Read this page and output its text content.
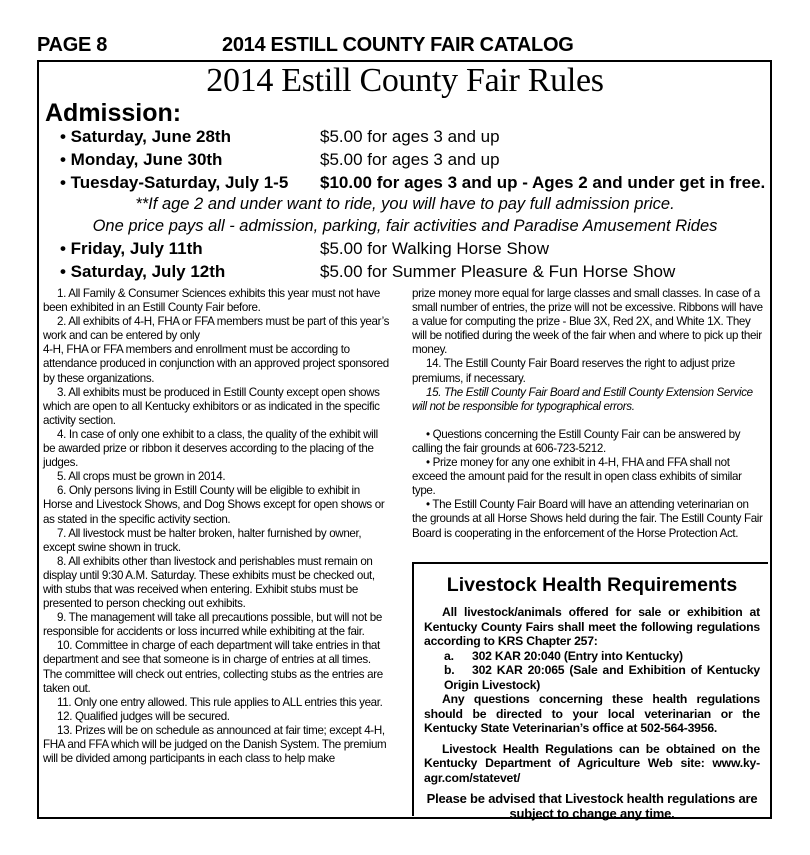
PAGE 8	2014 ESTILL COUNTY FAIR CATALOG
2014 Estill County Fair Rules
Admission:
• Saturday, June 28th	$5.00 for ages 3 and up
• Monday, June 30th	$5.00 for ages 3 and up
• Tuesday-Saturday, July 1-5 $10.00 for ages 3 and up - Ages 2 and under get in free.
**If age 2 and under want to ride, you will have to pay full admission price.
One price pays all - admission, parking, fair activities and Paradise Amusement Rides
• Friday, July 11th	$5.00 for Walking Horse Show
• Saturday, July 12th	$5.00 for Summer Pleasure & Fun Horse Show

1. All Family & Consumer Sciences exhibits this year must not have been exhibited in an Estill County Fair before.

2. All exhibits of 4-H, FHA or FFA members must be part of this year’s work and can be entered by only

4-H, FHA or FFA members and enrollment must be according to attendance produced in conjunction with an approved project sponsored by these organizations.

3. All exhibits must be produced in Estill County except open shows which are open to all Kentucky exhibitors or as indicated in the specific activity section.

4. In case of only one exhibit to a class, the quality of the exhibit will be awarded prize or ribbon it deserves according to the placing of the judges.

5. All crops must be grown in 2014.

6. Only persons living in Estill County will be eligible to exhibit in Horse and Livestock Shows, and Dog Shows except for open shows or as stated in the specific activity section.

7. All livestock must be halter broken, halter furnished by owner, except swine shown in truck.

8. All exhibits other than livestock and perishables must remain on display until 9:30 A.M. Saturday. These exhibits must be checked out, with stubs that was received when entering. Exhibit stubs must be presented to person checking out exhibits.

9. The management will take all precautions possible, but will not be responsible for accidents or loss incurred while exhibiting at the fair.

10. Committee in charge of each department will take entries in that department and see that someone is in charge of entries at all times. The committee will check out entries, collecting stubs as the entries are taken out.

11. Only one entry allowed. This rule applies to ALL entries this year.

12. Qualified judges will be secured.

13. Prizes will be on schedule as announced at fair time; except 4-H, FHA and FFA which will be judged on the Danish System. The premium will be divided among participants in each class to help make

prize money more equal for large classes and small classes. In case of a small number of entries, the prize will not be excessive. Ribbons will have a value for computing the prize - Blue 3X, Red 2X, and White 1X. They will be notified during the week of the fair when and where to pick up their money.

14. The Estill County Fair Board reserves the right to adjust prize premiums, if necessary.

15. The Estill County Fair Board and Estill County Extension Service will not be responsible for typographical errors.

• Questions concerning the Estill County Fair can be answered by calling the fair grounds at 606-723-5212.

• Prize money for any one exhibit in 4-H, FHA and FFA shall not exceed the amount paid for the result in open class exhibits of similar type.

• The Estill County Fair Board will have an attending veterinarian on the grounds at all Horse Shows held during the fair. The Estill County Fair Board is cooperating in the enforcement of the Horse Protection Act.

Livestock Health Requirements

All livestock/animals offered for sale or exhibition at Kentucky County Fairs shall meet the following regulations according to KRS Chapter 257:

a. 302 KAR 20:040 (Entry into Kentucky)

b. 302 KAR 20:065 (Sale and Exhibition of Kentucky Origin Livestock)

Any questions concerning these health regulations should be directed to your local veterinarian or the Kentucky State Veterinarian’s office at 502-564-3956.

Livestock Health Regulations can be obtained on the Kentucky Department of Agriculture Web site: www.ky-agr.com/statevet/

Please be advised that Livestock health regulations are subject to change any time.
